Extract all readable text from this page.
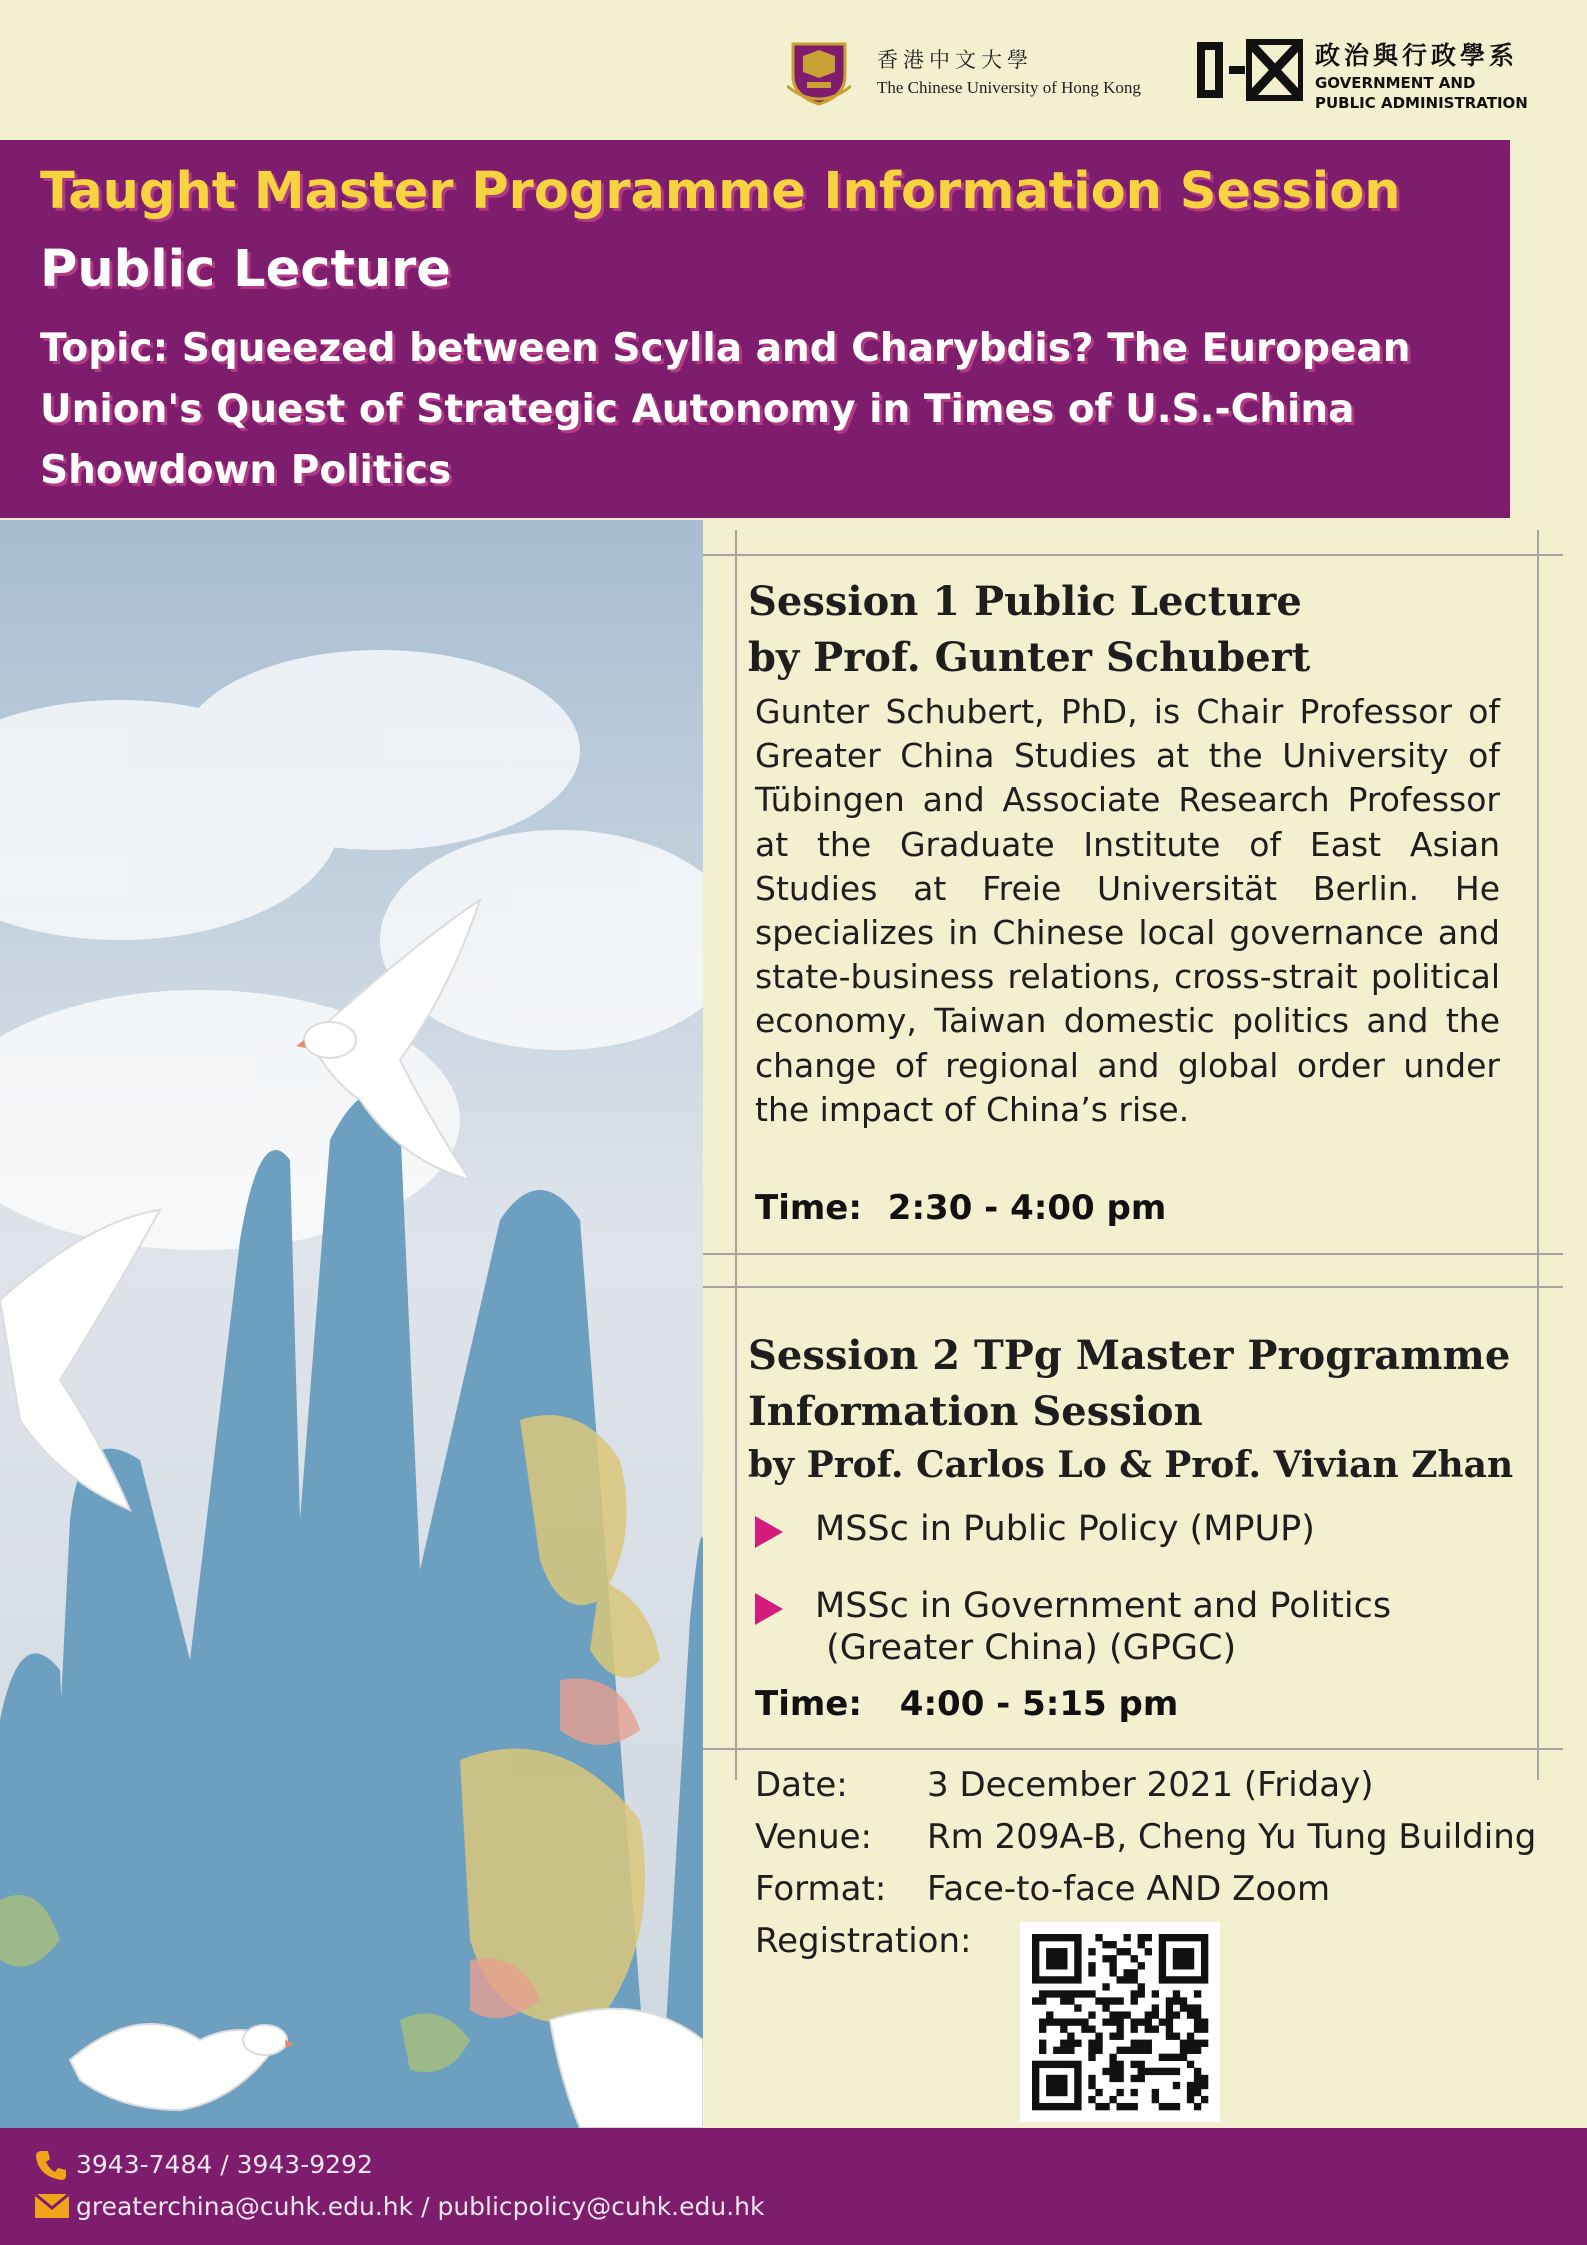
香港中文大學
The Chinese University of Hong Kong
政治與行政學系
GOVERNMENT AND
PUBLIC ADMINISTRATION
Taught Master Programme Information Session
Public Lecture
Topic: Squeezed between Scylla and Charybdis? The European Union's Quest of Strategic Autonomy in Times of U.S.-China Showdown Politics
Session 1 Public Lecture
by Prof. Gunter Schubert
Gunter Schubert, PhD, is Chair Professor of Greater China Studies at the University of Tübingen and Associate Research Professor at the Graduate Institute of East Asian Studies at Freie Universität Berlin. He specializes in Chinese local governance and state-business relations, cross-strait political economy, Taiwan domestic politics and the change of regional and global order under the impact of China’s rise.
Time: 2:30 - 4:00 pm
Session 2 TPg Master Programme
Information Session
by Prof. Carlos Lo & Prof. Vivian Zhan
MSSc in Public Policy (MPUP)
MSSc in Government and Politics
(Greater China) (GPGC)
Time: 4:00 - 5:15 pm
Date: 3 December 2021 (Friday)
Venue: Rm 209A-B, Cheng Yu Tung Building
Format: Face-to-face AND Zoom
Registration:
3943-7484 / 3943-9292
greaterchina@cuhk.edu.hk / publicpolicy@cuhk.edu.hk
